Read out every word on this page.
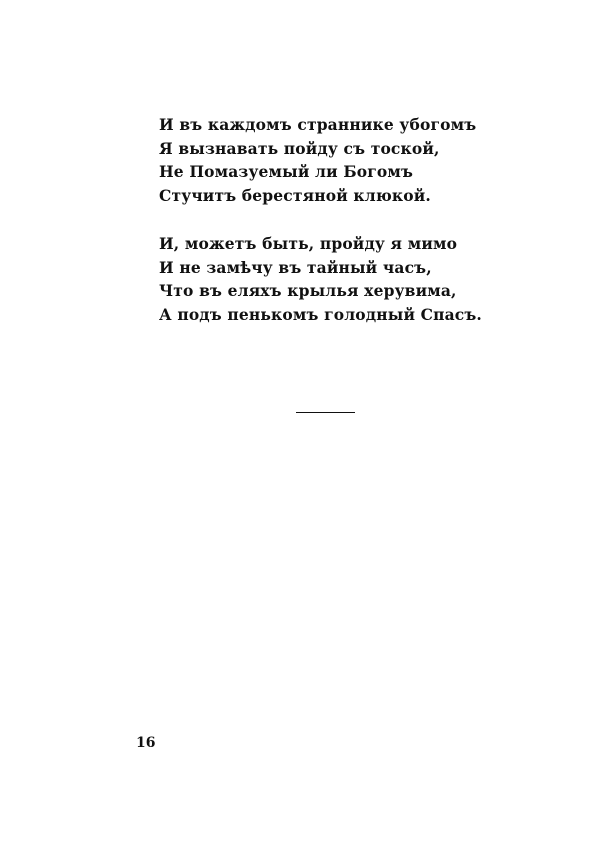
И въ каждомъ страннике убогомъ
Я вызнавать пойду съ тоской,
Не Помазуемый ли Богомъ
Стучитъ берестяной клюкой.

И, можетъ быть, пройду я мимо
И не замѣчу въ тайный часъ,
Что въ еляхъ крылья херувима,
А подъ пенькомъ голодный Спасъ.

16
